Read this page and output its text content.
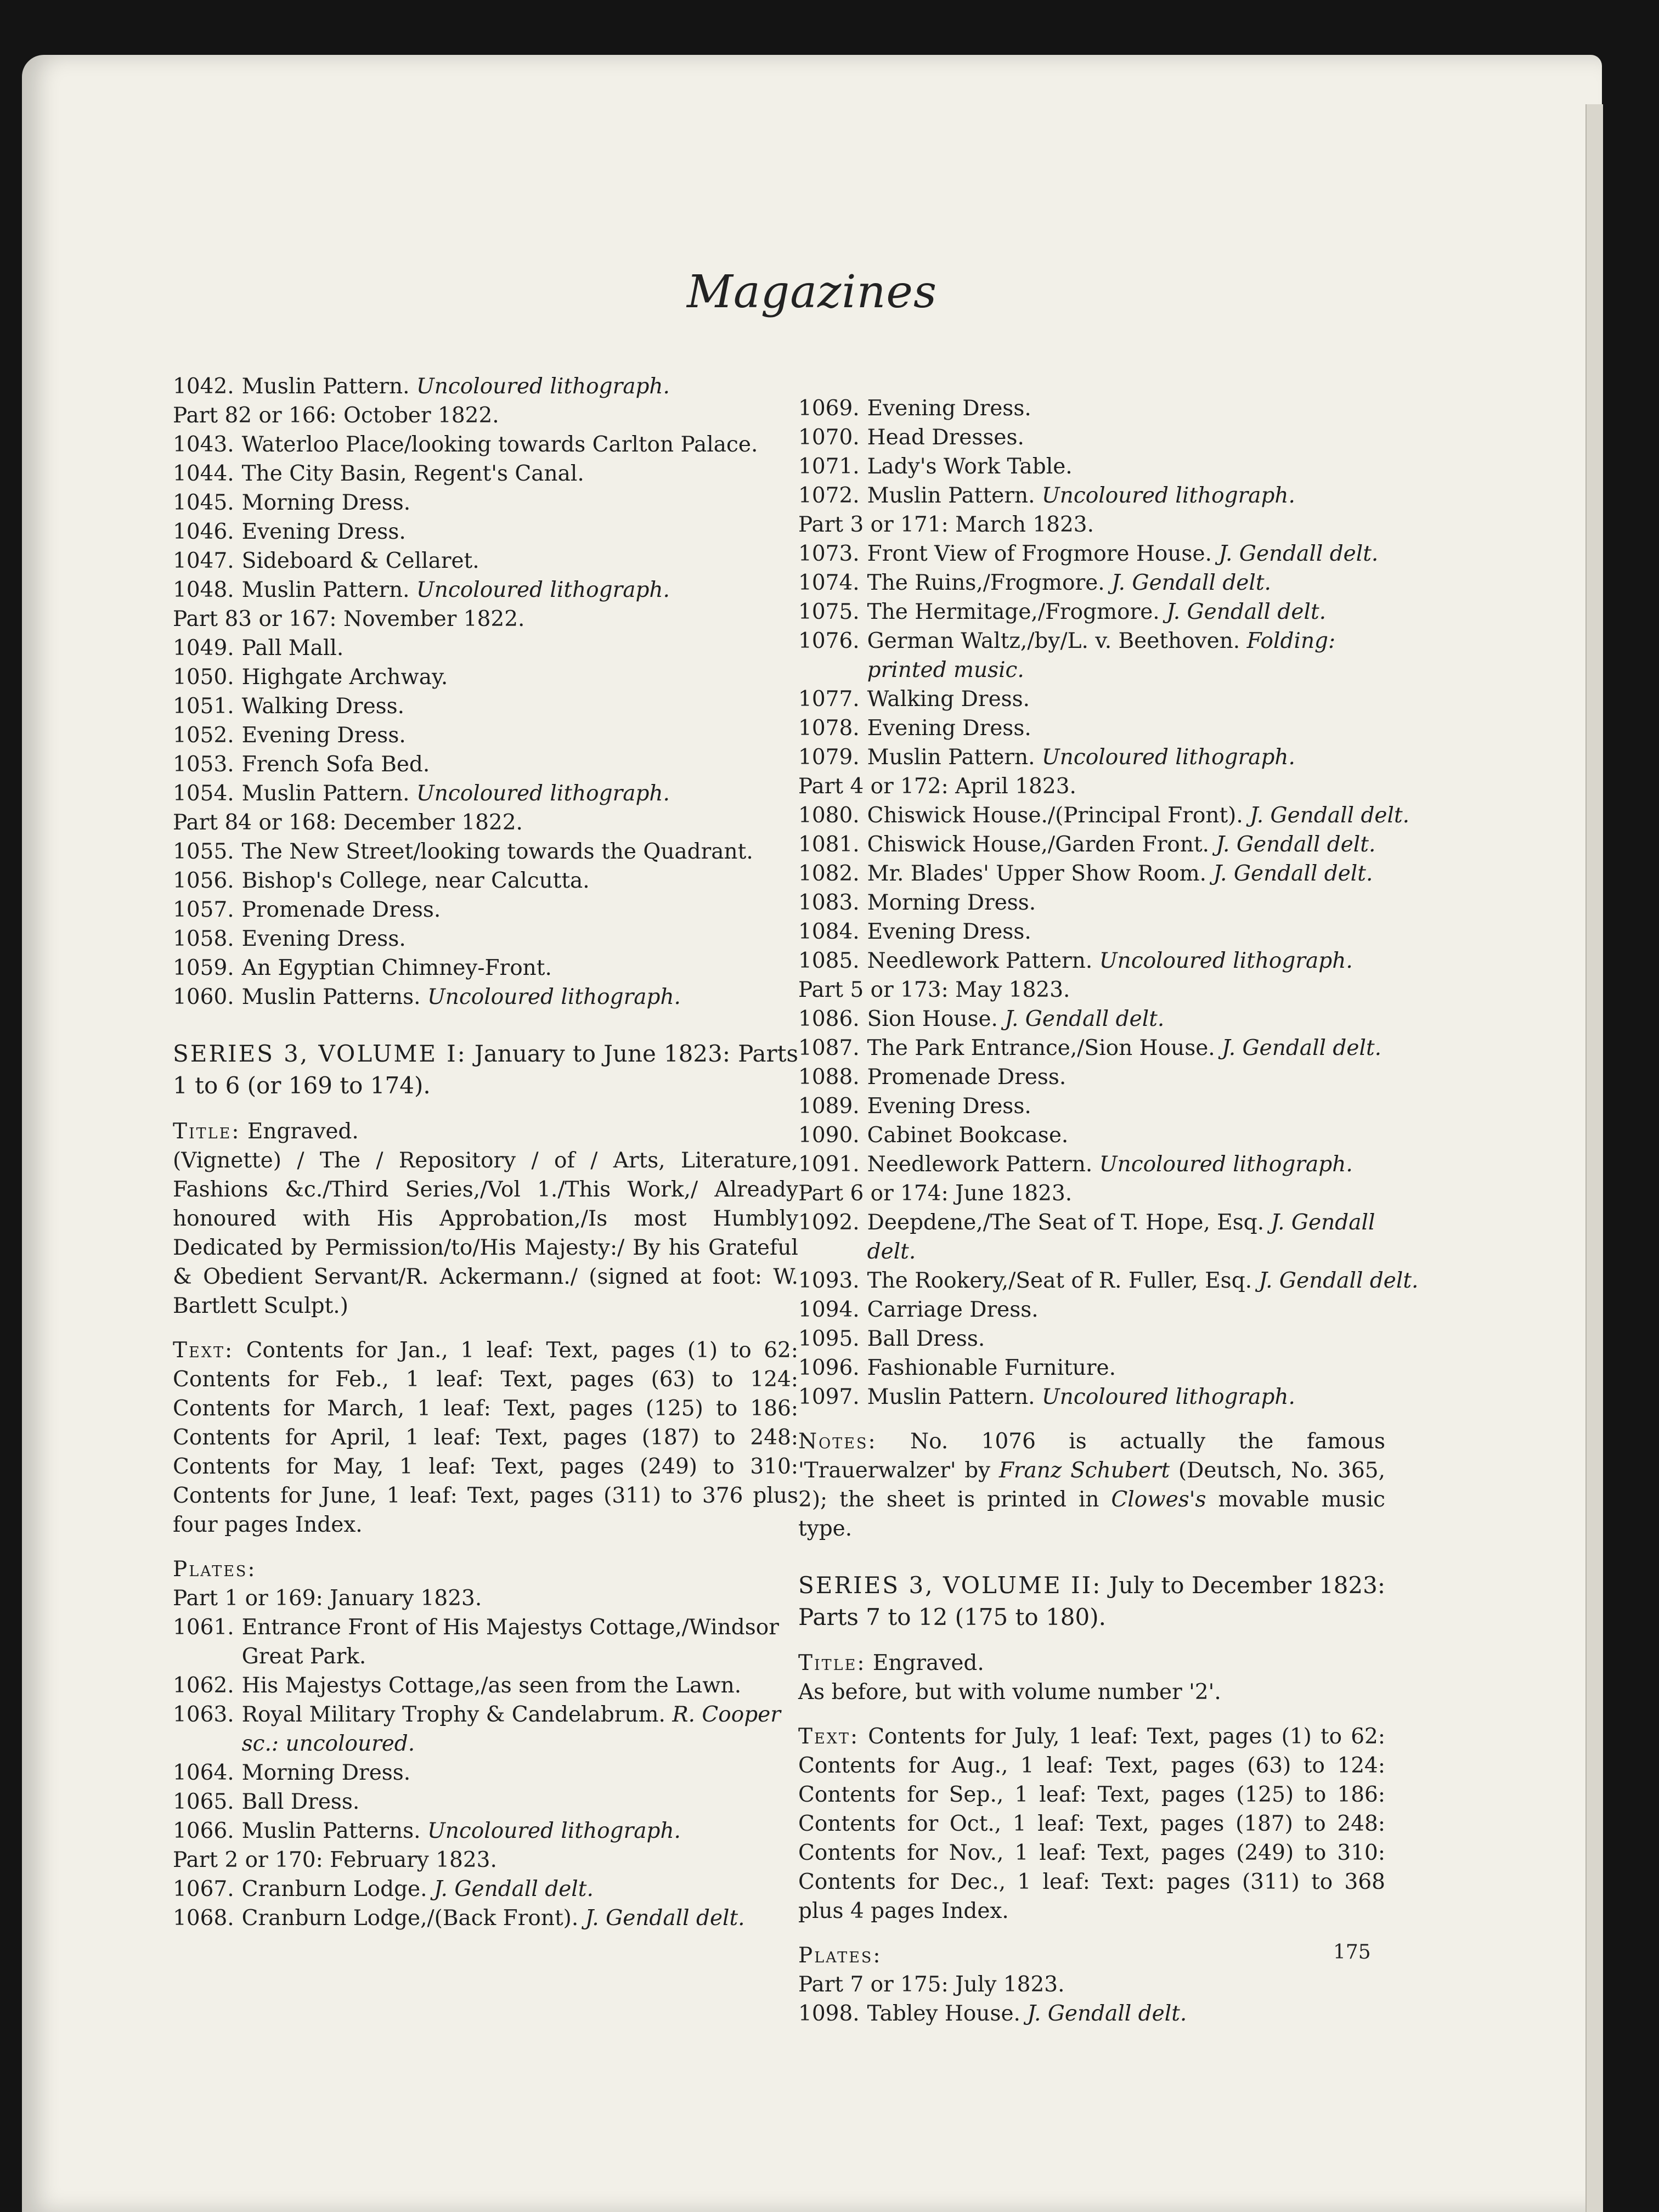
Magazines
1042. Muslin Pattern. Uncoloured lithograph.
Part 82 or 166: October 1822.
1043. Waterloo Place/looking towards Carlton Palace.
1044. The City Basin, Regent's Canal.
1045. Morning Dress.
1046. Evening Dress.
1047. Sideboard & Cellaret.
1048. Muslin Pattern. Uncoloured lithograph.
Part 83 or 167: November 1822.
1049. Pall Mall.
1050. Highgate Archway.
1051. Walking Dress.
1052. Evening Dress.
1053. French Sofa Bed.
1054. Muslin Pattern. Uncoloured lithograph.
Part 84 or 168: December 1822.
1055. The New Street/looking towards the Quadrant.
1056. Bishop's College, near Calcutta.
1057. Promenade Dress.
1058. Evening Dress.
1059. An Egyptian Chimney-Front.
1060. Muslin Patterns. Uncoloured lithograph.
SERIES 3, VOLUME I: January to June 1823: Parts 1 to 6 (or 169 to 174).
Title: Engraved.
(Vignette) / The / Repository / of / Arts, Literature, Fashions &c./Third Series,/Vol 1./This Work,/ Already honoured with His Approbation,/Is most Humbly Dedicated by Permission/to/His Majesty:/ By his Grateful & Obedient Servant/R. Ackermann./ (signed at foot: W. Bartlett Sculpt.)
Text: Contents for Jan., 1 leaf: Text, pages (1) to 62: Contents for Feb., 1 leaf: Text, pages (63) to 124: Contents for March, 1 leaf: Text, pages (125) to 186: Contents for April, 1 leaf: Text, pages (187) to 248: Contents for May, 1 leaf: Text, pages (249) to 310: Contents for June, 1 leaf: Text, pages (311) to 376 plus four pages Index.
Plates:
Part 1 or 169: January 1823.
1061. Entrance Front of His Majestys Cottage,/Windsor Great Park.
1062. His Majestys Cottage,/as seen from the Lawn.
1063. Royal Military Trophy & Candelabrum. R. Cooper sc.: uncoloured.
1064. Morning Dress.
1065. Ball Dress.
1066. Muslin Patterns. Uncoloured lithograph.
Part 2 or 170: February 1823.
1067. Cranburn Lodge. J. Gendall delt.
1068. Cranburn Lodge,/(Back Front). J. Gendall delt.
1069. Evening Dress.
1070. Head Dresses.
1071. Lady's Work Table.
1072. Muslin Pattern. Uncoloured lithograph.
Part 3 or 171: March 1823.
1073. Front View of Frogmore House. J. Gendall delt.
1074. The Ruins,/Frogmore. J. Gendall delt.
1075. The Hermitage,/Frogmore. J. Gendall delt.
1076. German Waltz,/by/L. v. Beethoven. Folding: printed music.
1077. Walking Dress.
1078. Evening Dress.
1079. Muslin Pattern. Uncoloured lithograph.
Part 4 or 172: April 1823.
1080. Chiswick House./(Principal Front). J. Gendall delt.
1081. Chiswick House,/Garden Front. J. Gendall delt.
1082. Mr. Blades' Upper Show Room. J. Gendall delt.
1083. Morning Dress.
1084. Evening Dress.
1085. Needlework Pattern. Uncoloured lithograph.
Part 5 or 173: May 1823.
1086. Sion House. J. Gendall delt.
1087. The Park Entrance,/Sion House. J. Gendall delt.
1088. Promenade Dress.
1089. Evening Dress.
1090. Cabinet Bookcase.
1091. Needlework Pattern. Uncoloured lithograph.
Part 6 or 174: June 1823.
1092. Deepdene,/The Seat of T. Hope, Esq. J. Gendall delt.
1093. The Rookery,/Seat of R. Fuller, Esq. J. Gendall delt.
1094. Carriage Dress.
1095. Ball Dress.
1096. Fashionable Furniture.
1097. Muslin Pattern. Uncoloured lithograph.
Notes: No. 1076 is actually the famous 'Trauerwalzer' by Franz Schubert (Deutsch, No. 365, 2); the sheet is printed in Clowes's movable music type.
SERIES 3, VOLUME II: July to December 1823: Parts 7 to 12 (175 to 180).
Title: Engraved.
As before, but with volume number '2'.
Text: Contents for July, 1 leaf: Text, pages (1) to 62: Contents for Aug., 1 leaf: Text, pages (63) to 124: Contents for Sep., 1 leaf: Text, pages (125) to 186: Contents for Oct., 1 leaf: Text, pages (187) to 248: Contents for Nov., 1 leaf: Text, pages (249) to 310: Contents for Dec., 1 leaf: Text: pages (311) to 368 plus 4 pages Index.
Plates:
Part 7 or 175: July 1823.
1098. Tabley House. J. Gendall delt.
175
